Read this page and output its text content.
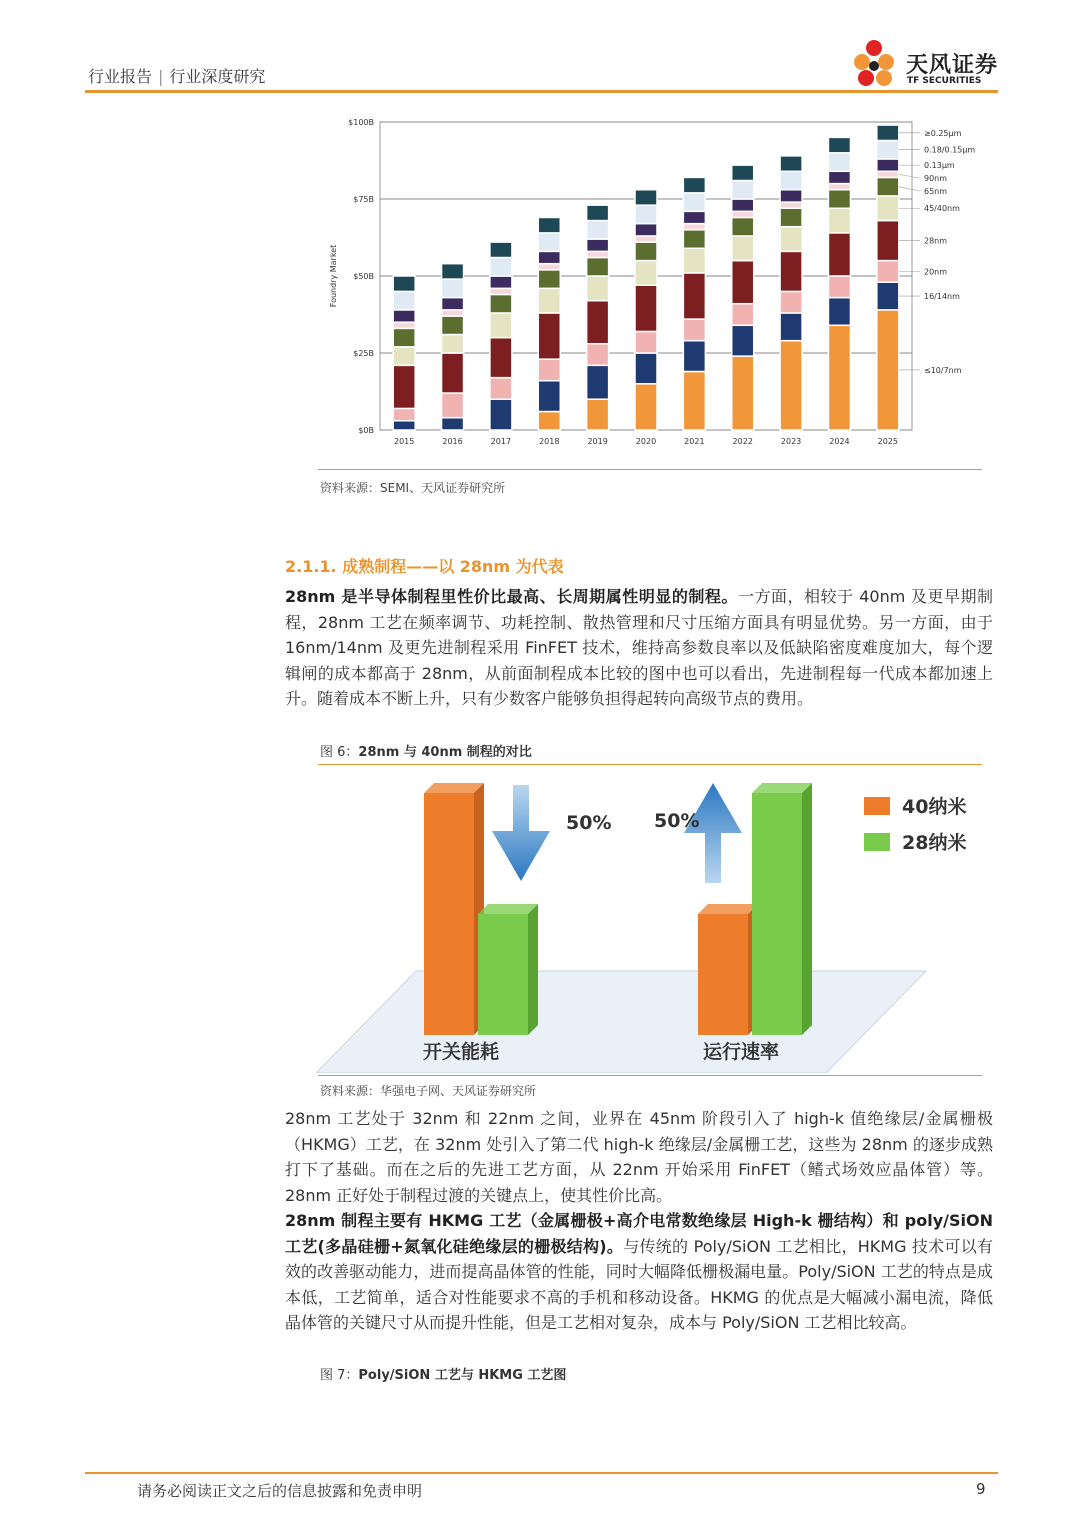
行业报告 | 行业深度研究	天风证券
TF SECURITIES
$0B
$25B
$50B
$75B
$100B
Foundry Market
2015	2016	2017	2018	2019	2020	2021	2022	2023	2024	2025
≤10/7nm
16/14nm
20nm
28nm
45/40nm
65nm
90nm
0.13μm
0.18/0.15μm
≥0.25μm
资料来源：SEMI、天风证券研究所
2.1.1. 成熟制程——以 28nm 为代表
28nm 是半导体制程里性价比最高、长周期属性明显的制程。一方面，相较于 40nm 及更早期制程，28nm 工艺在频率调节、功耗控制、散热管理和尺寸压缩方面具有明显优势。另一方面，由于 16nm/14nm 及更先进制程采用 FinFET 技术，维持高参数良率以及低缺陷密度难度加大，每个逻辑闸的成本都高于 28nm，从前面制程成本比较的图中也可以看出，先进制程每一代成本都加速上升。随着成本不断上升，只有少数客户能够负担得起转向高级节点的费用。
图 6：28nm 与 40nm 制程的对比
开关能耗	运行速率
50% 50%
40纳米
28纳米
资料来源：华强电子网、天风证券研究所
28nm 工艺处于 32nm 和 22nm 之间，业界在 45nm 阶段引入了 high-k 值绝缘层/金属栅极（HKMG）工艺，在 32nm 处引入了第二代 high-k 绝缘层/金属栅工艺，这些为 28nm 的逐步成熟打下了基础。而在之后的先进工艺方面，从 22nm 开始采用 FinFET（鳍式场效应晶体管）等。28nm 正好处于制程过渡的关键点上，使其性价比高。
28nm 制程主要有 HKMG 工艺（金属栅极+高介电常数绝缘层 High-k 栅结构）和 poly/SiON 工艺(多晶硅栅+氮氧化硅绝缘层的栅极结构)。与传统的 Poly/SiON 工艺相比，HKMG 技术可以有效的改善驱动能力，进而提高晶体管的性能，同时大幅降低栅极漏电量。Poly/SiON 工艺的特点是成本低，工艺简单，适合对性能要求不高的手机和移动设备。HKMG 的优点是大幅减小漏电流，降低晶体管的关键尺寸从而提升性能，但是工艺相对复杂，成本与 Poly/SiON 工艺相比较高。
图 7：Poly/SiON 工艺与 HKMG 工艺图
请务必阅读正文之后的信息披露和免责申明	9
